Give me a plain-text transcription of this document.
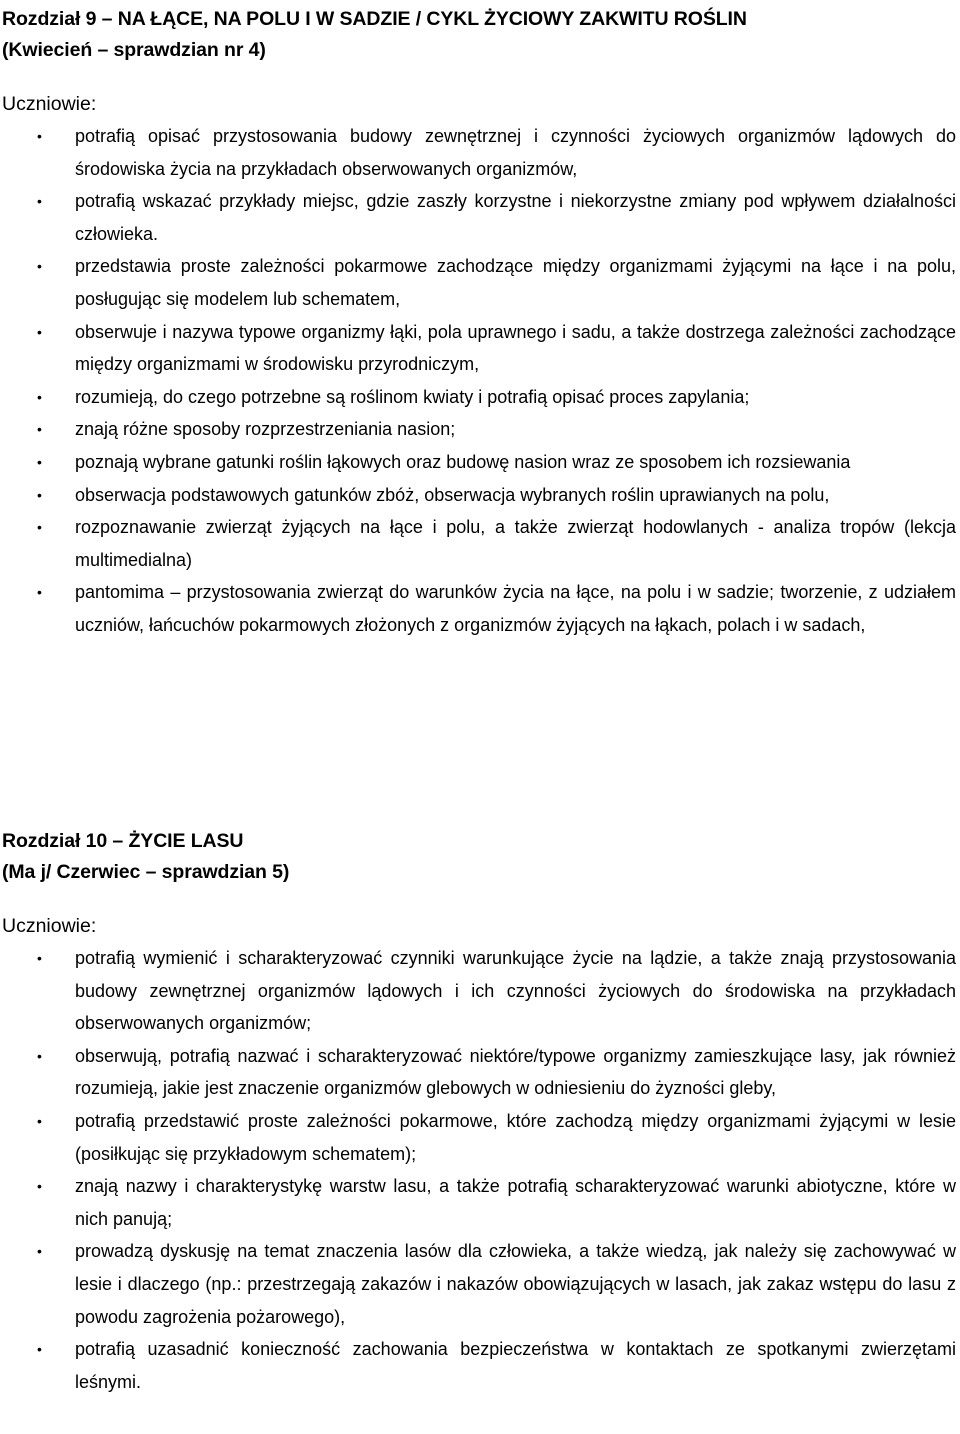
Rozdział 9 – NA ŁĄCE, NA POLU I W SADZIE / CYKL ŻYCIOWY ZAKWITU ROŚLIN
(Kwiecień – sprawdzian nr 4)

Uczniowie:

• potrafią opisać przystosowania budowy zewnętrznej i czynności życiowych organizmów lądowych do środowiska życia na przykładach obserwowanych organizmów,
• potrafią wskazać przykłady miejsc, gdzie zaszły korzystne i niekorzystne zmiany pod wpływem działalności człowieka.
• przedstawia proste zależności pokarmowe zachodzące między organizmami żyjącymi na łące i na polu, posługując się modelem lub schematem,
• obserwuje i nazywa typowe organizmy łąki, pola uprawnego i sadu, a także dostrzega zależności zachodzące między organizmami w środowisku przyrodniczym,
• rozumieją, do czego potrzebne są roślinom kwiaty i potrafią opisać proces zapylania;
• znają różne sposoby rozprzestrzeniania nasion;
• poznają wybrane gatunki roślin łąkowych oraz budowę nasion wraz ze sposobem ich rozsiewania
• obserwacja podstawowych gatunków zbóż, obserwacja wybranych roślin uprawianych na polu,
• rozpoznawanie zwierząt żyjących na łące i polu, a także zwierząt hodowlanych - analiza tropów (lekcja multimedialna)
• pantomima – przystosowania zwierząt do warunków życia na łące, na polu i w sadzie; tworzenie, z udziałem uczniów, łańcuchów pokarmowych złożonych z organizmów żyjących na łąkach, polach i w sadach,
Rozdział 10 – ŻYCIE LASU
(Ma j/ Czerwiec – sprawdzian 5)

Uczniowie:

• potrafią wymienić i scharakteryzować czynniki warunkujące życie na lądzie, a także znają przystosowania budowy zewnętrznej organizmów lądowych i ich czynności życiowych do środowiska na przykładach obserwowanych organizmów;
• obserwują, potrafią nazwać i scharakteryzować niektóre/typowe organizmy zamieszkujące lasy, jak również rozumieją, jakie jest znaczenie organizmów glebowych w odniesieniu do żyzności gleby,
• potrafią przedstawić proste zależności pokarmowe, które zachodzą między organizmami żyjącymi w lesie (posiłkując się przykładowym schematem);
• znają nazwy i charakterystykę warstw lasu, a także potrafią scharakteryzować warunki abiotyczne, które w nich panują;
• prowadzą dyskusję na temat znaczenia lasów dla człowieka, a także wiedzą, jak należy się zachowywać w lesie i dlaczego (np.: przestrzegają zakazów i nakazów obowiązujących w lasach, jak zakaz wstępu do lasu z powodu zagrożenia pożarowego),
• potrafią uzasadnić konieczność zachowania bezpieczeństwa w kontaktach ze spotkanymi zwierzętami leśnymi.
